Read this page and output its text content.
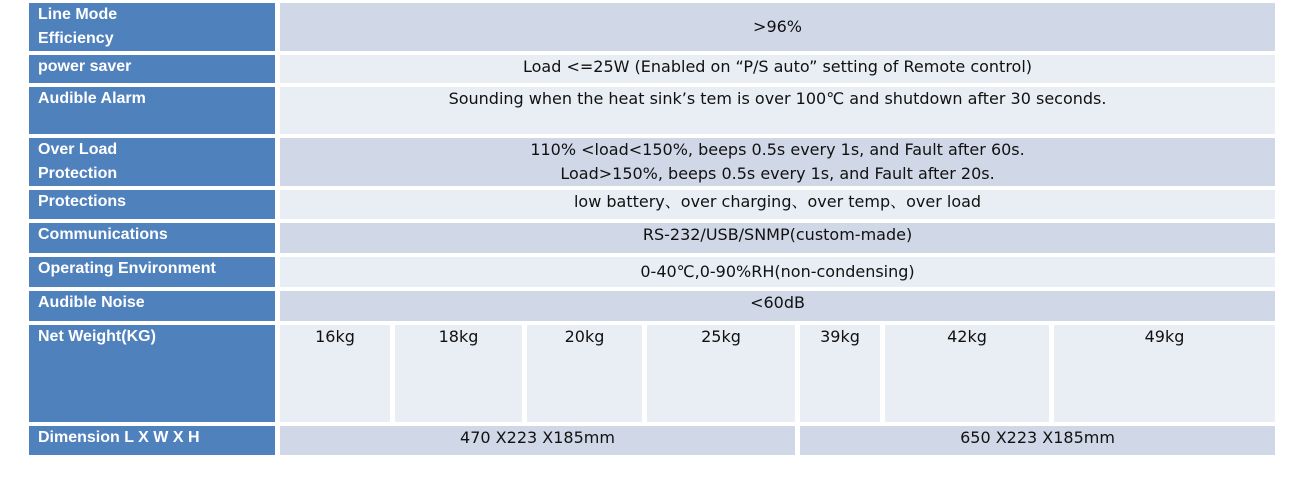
Line Mode
Efficiency	>96%						
power saver	Load <=25W (Enabled on “P/S auto” setting of Remote control)						
Audible Alarm	Sounding when the heat sink’s tem is over 100℃ and shutdown after 30 seconds.						

Over Load
Protection	110% <load<150%, beeps 0.5s every 1s, and Fault after 60s.
Load>150%, beeps 0.5s every 1s, and Fault after 20s.						

Protections	low battery、over charging、over temp、over load						
Communications	RS-232/USB/SNMP(custom-made)						
Operating Environment	0-40℃,0-90%RH(non-condensing)						
Audible Noise	<60dB						
Net Weight(KG)	16kg	18kg	20kg	25kg	39kg	42kg	49kg
Dimension L X W X H	470 X223 X185mm				650 X223 X185mm		
